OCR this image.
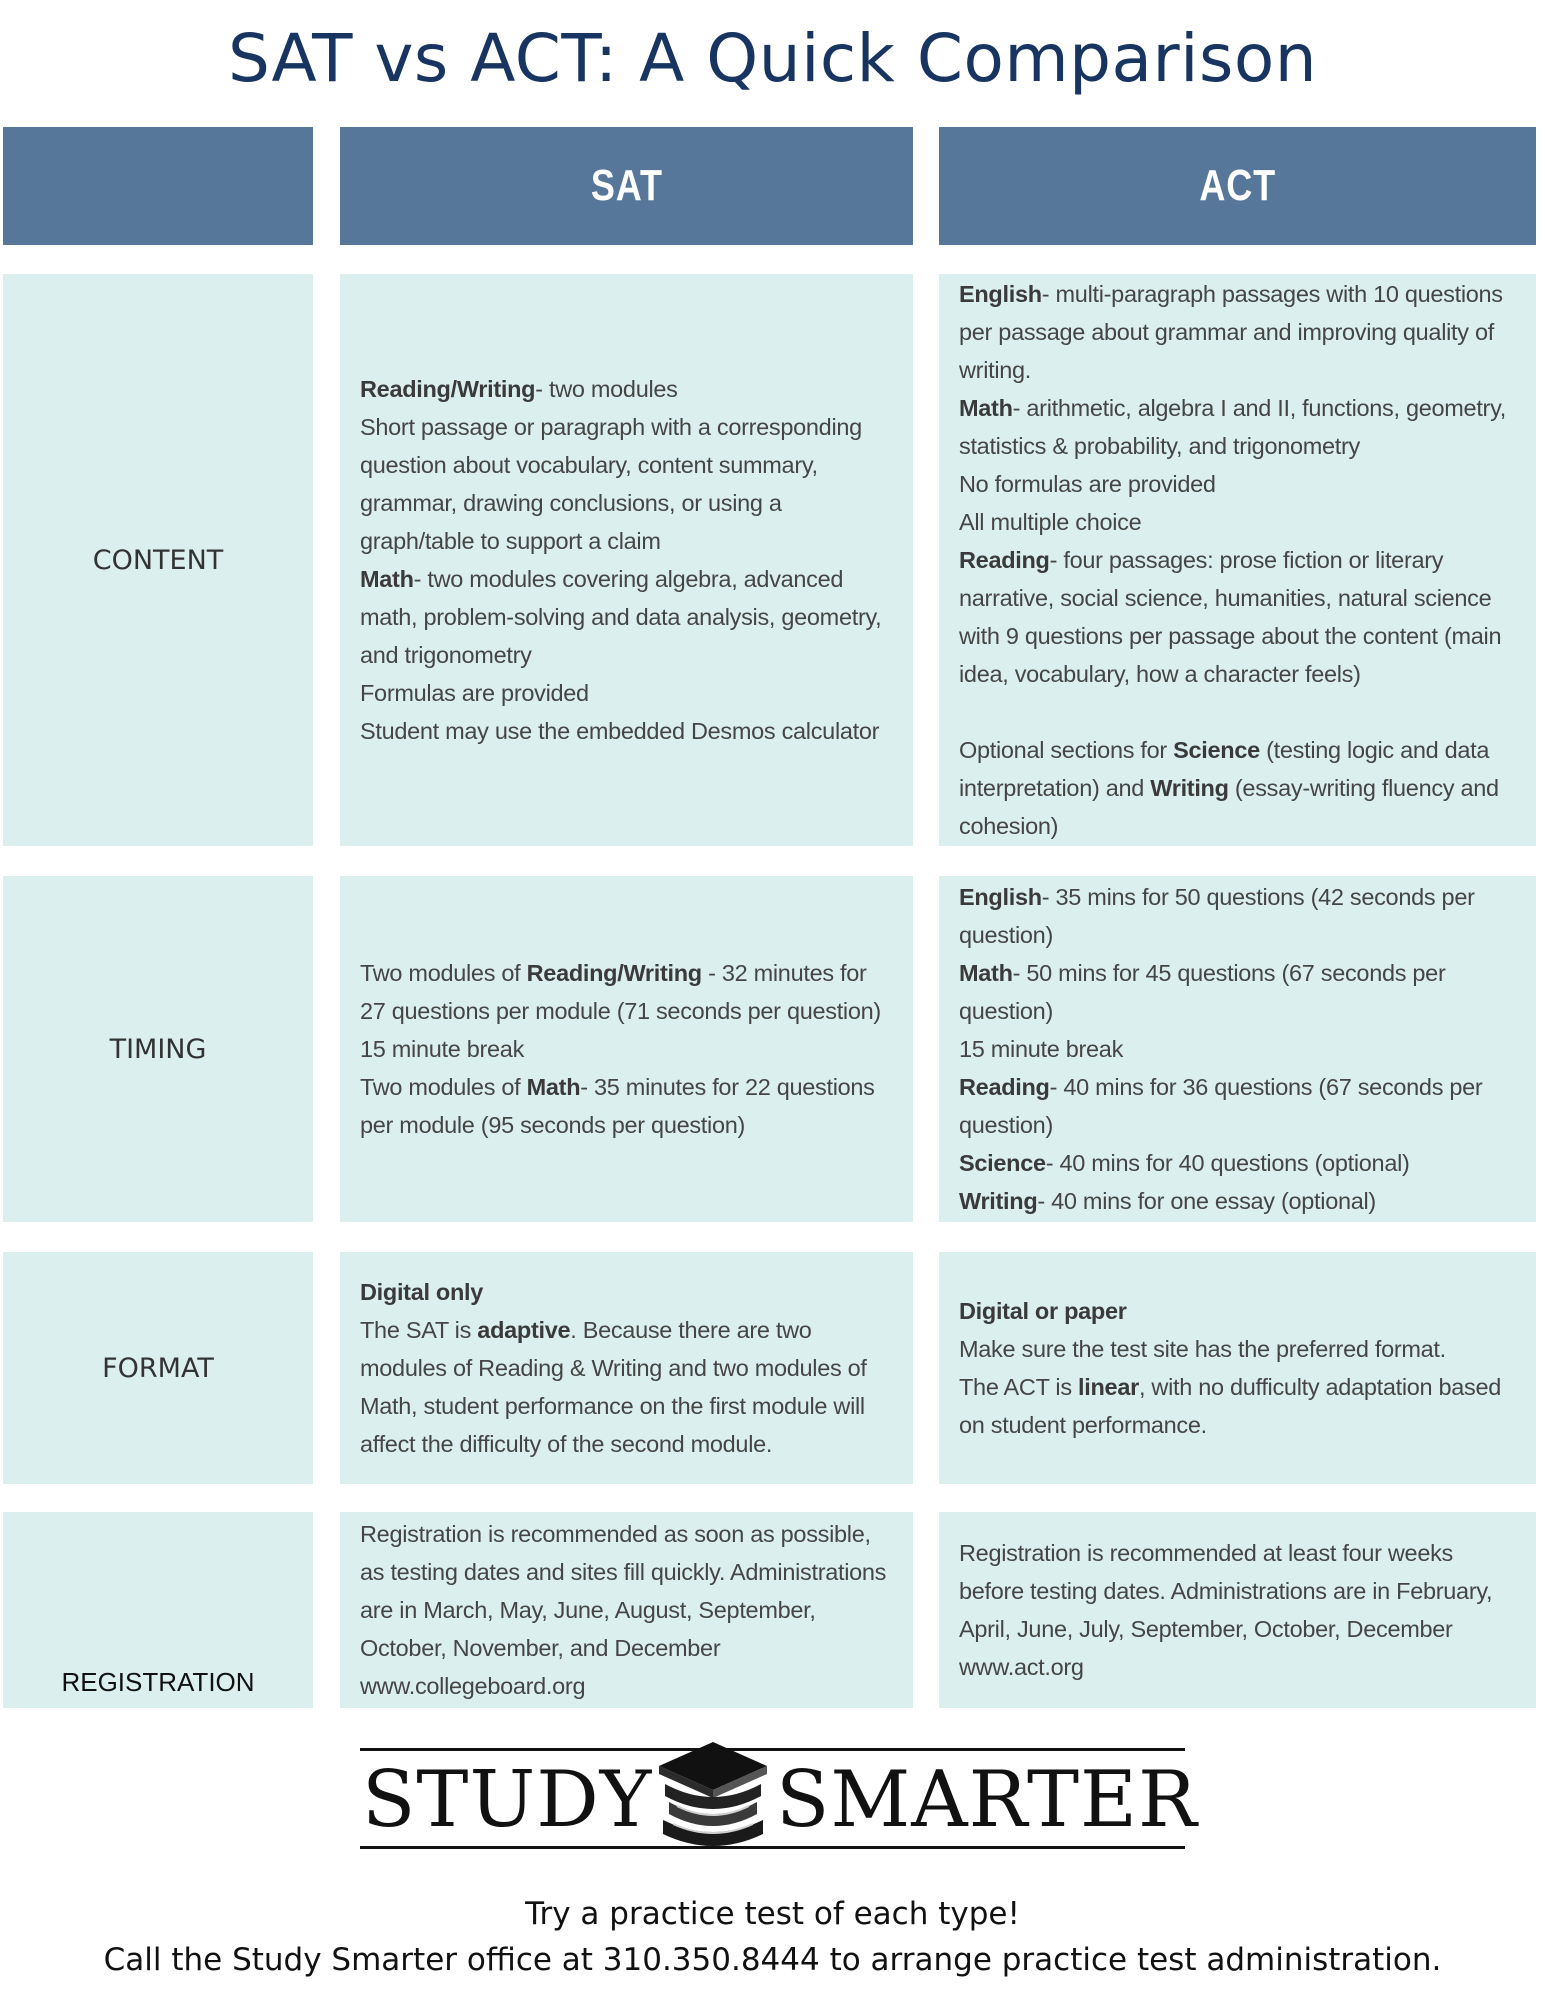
SAT vs ACT: A Quick Comparison
SAT	ACT
CONTENT

Reading/Writing- two modules

Short passage or paragraph with a corresponding question about vocabulary, content summary, grammar, drawing conclusions, or using a graph/table to support a claim

Math- two modules covering algebra, advanced math, problem-solving and data analysis, geometry, and trigonometry

Formulas are provided

Student may use the embedded Desmos calculator

English- multi-paragraph passages with 10 questions per passage about grammar and improving quality of writing.

Math- arithmetic, algebra I and II, functions, geometry, statistics & probability, and trigonometry

No formulas are provided

All multiple choice

Reading- four passages: prose fiction or literary narrative, social science, humanities, natural science with 9 questions per passage about the content (main idea, vocabulary, how a character feels)

Optional sections for Science (testing logic and data interpretation) and Writing (essay-writing fluency and cohesion)

TIMING

Two modules of Reading/Writing - 32 minutes for 27 questions per module (71 seconds per question)

15 minute break

Two modules of Math- 35 minutes for 22 questions per module (95 seconds per question)

English- 35 mins for 50 questions (42 seconds per question)

Math- 50 mins for 45 questions (67 seconds per question)

15 minute break

Reading- 40 mins for 36 questions (67 seconds per question)

Science- 40 mins for 40 questions (optional)

Writing- 40 mins for one essay (optional)

FORMAT

Digital only

The SAT is adaptive. Because there are two modules of Reading & Writing and two modules of Math, student performance on the first module will affect the difficulty of the second module.

Digital or paper

Make sure the test site has the preferred format.

The ACT is linear, with no dufficulty adaptation based on student performance.

REGISTRATION

Registration is recommended as soon as possible, as testing dates and sites fill quickly. Administrations are in March, May, June, August, September, October, November, and December     www.collegeboard.org

Registration is recommended at least four weeks before testing dates. Administrations are in February, April, June, July, September, October, December     www.act.org

STUDY SMARTER
Try a practice test of each type!
Call the Study Smarter office at 310.350.8444 to arrange practice test administration.
